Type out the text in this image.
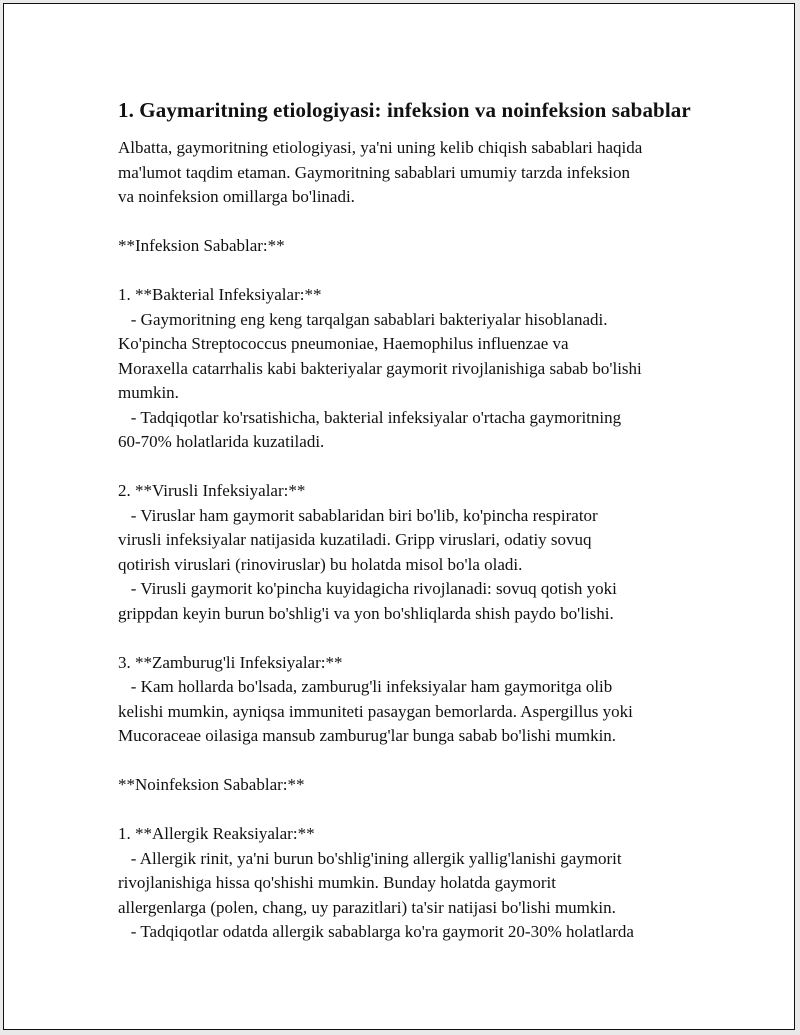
1. Gaymaritning etiologiyasi: infeksion va noinfeksion sabablar

Albatta, gaymoritning etiologiyasi, ya'ni uning kelib chiqish sabablari haqida
ma'lumot taqdim etaman. Gaymoritning sabablari umumiy tarzda infeksion
va noinfeksion omillarga bo'linadi.

**Infeksion Sabablar:**

1. **Bakterial Infeksiyalar:**
- Gaymoritning eng keng tarqalgan sabablari bakteriyalar hisoblanadi.
Ko'pincha Streptococcus pneumoniae, Haemophilus influenzae va
Moraxella catarrhalis kabi bakteriyalar gaymorit rivojlanishiga sabab bo'lishi
mumkin.
- Tadqiqotlar ko'rsatishicha, bakterial infeksiyalar o'rtacha gaymoritning
60-70% holatlarida kuzatiladi.

2. **Virusli Infeksiyalar:**
- Viruslar ham gaymorit sabablaridan biri bo'lib, ko'pincha respirator
virusli infeksiyalar natijasida kuzatiladi. Gripp viruslari, odatiy sovuq
qotirish viruslari (rinoviruslar) bu holatda misol bo'la oladi.
- Virusli gaymorit ko'pincha kuyidagicha rivojlanadi: sovuq qotish yoki
grippdan keyin burun bo'shlig'i va yon bo'shliqlarda shish paydo bo'lishi.

3. **Zamburug'li Infeksiyalar:**
- Kam hollarda bo'lsada, zamburug'li infeksiyalar ham gaymoritga olib
kelishi mumkin, ayniqsa immuniteti pasaygan bemorlarda. Aspergillus yoki
Mucoraceae oilasiga mansub zamburug'lar bunga sabab bo'lishi mumkin.

**Noinfeksion Sabablar:**

1. **Allergik Reaksiyalar:**
- Allergik rinit, ya'ni burun bo'shlig'ining allergik yallig'lanishi gaymorit
rivojlanishiga hissa qo'shishi mumkin. Bunday holatda gaymorit
allergenlarga (polen, chang, uy parazitlari) ta'sir natijasi bo'lishi mumkin.
- Tadqiqotlar odatda allergik sabablarga ko'ra gaymorit 20-30% holatlarda
